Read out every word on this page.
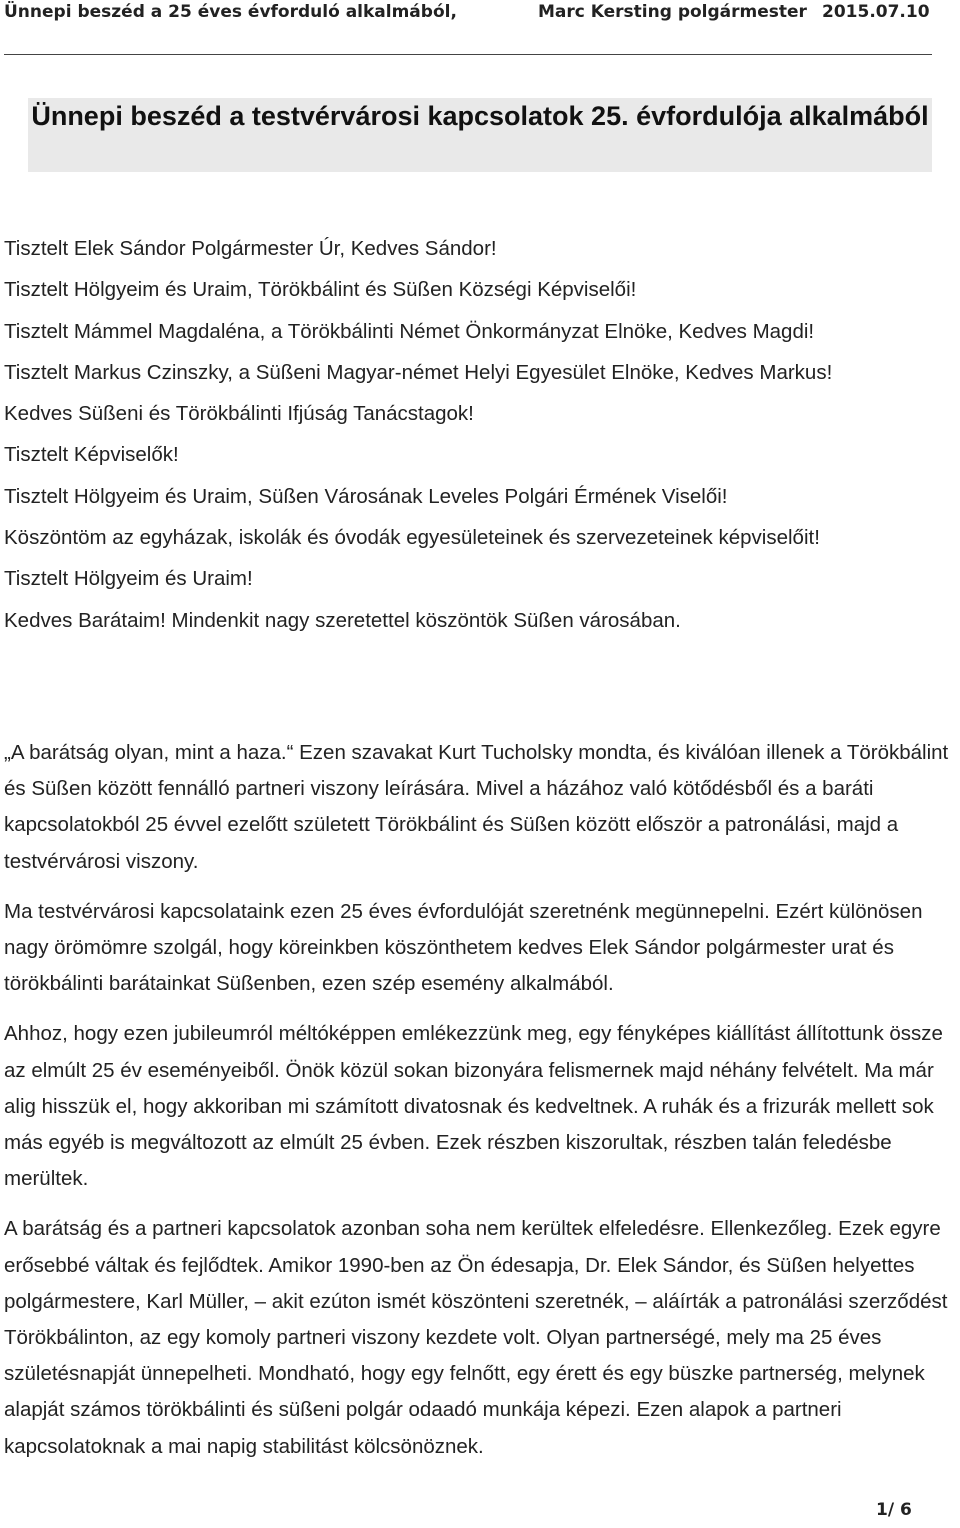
Ünnepi beszéd a 25 éves évforduló alkalmából,	Marc Kersting polgármester 2015.07.10
Ünnepi beszéd a testvérvárosi kapcsolatok 25. évfordulója alkalmából
Tisztelt Elek Sándor Polgármester Úr, Kedves Sándor!
Tisztelt Hölgyeim és Uraim, Törökbálint és Süßen Községi Képviselői!
Tisztelt Mámmel Magdaléna, a Törökbálinti Német Önkormányzat Elnöke, Kedves Magdi!
Tisztelt Markus Czinszky, a Süßeni Magyar-német Helyi Egyesület Elnöke, Kedves Markus!
Kedves Süßeni és Törökbálinti Ifjúság Tanácstagok!
Tisztelt Képviselők!
Tisztelt Hölgyeim és Uraim, Süßen Városának Leveles Polgári Érmének Viselői!
Köszöntöm az egyházak, iskolák és óvodák egyesületeinek és szervezeteinek képviselőit!
Tisztelt Hölgyeim és Uraim!
Kedves Barátaim! Mindenkit nagy szeretettel köszöntök Süßen városában.

„A barátság olyan, mint a haza.“ Ezen szavakat Kurt Tucholsky mondta, és kiválóan illenek a Törökbálint és Süßen között fennálló partneri viszony leírására. Mivel a házához való kötődésből és a baráti kapcsolatokból 25 évvel ezelőtt született Törökbálint és Süßen között először a patronálási, majd a testvérvárosi viszony.

Ma testvérvárosi kapcsolataink ezen 25 éves évfordulóját szeretnénk megünnepelni. Ezért különösen nagy örömömre szolgál, hogy köreinkben köszönthetem kedves Elek Sándor polgármester urat és törökbálinti barátainkat Süßenben, ezen szép esemény alkalmából.

Ahhoz, hogy ezen jubileumról méltóképpen emlékezzünk meg, egy fényképes kiállítást állítottunk össze az elmúlt 25 év eseményeiből. Önök közül sokan bizonyára felismernek majd néhány felvételt. Ma már alig hisszük el, hogy akkoriban mi számított divatosnak és kedveltnek. A ruhák és a frizurák mellett sok más egyéb is megváltozott az elmúlt 25 évben. Ezek részben kiszorultak, részben talán feledésbe merültek.

A barátság és a partneri kapcsolatok azonban soha nem kerültek elfeledésre. Ellenkezőleg. Ezek egyre erősebbé váltak és fejlődtek. Amikor 1990-ben az Ön édesapja, Dr. Elek Sándor, és Süßen helyettes polgármestere, Karl Müller, – akit ezúton ismét köszönteni szeretnék, – aláírták a patronálási szerződést Törökbálinton, az egy komoly partneri viszony kezdete volt. Olyan partnerségé, mely ma 25 éves születésnapját ünnepelheti. Mondható, hogy egy felnőtt, egy érett és egy büszke partnerség, melynek alapját számos törökbálinti és süßeni polgár odaadó munkája képezi. Ezen alapok a partneri kapcsolatoknak a mai napig stabilitást kölcsönöznek.

1/ 6
